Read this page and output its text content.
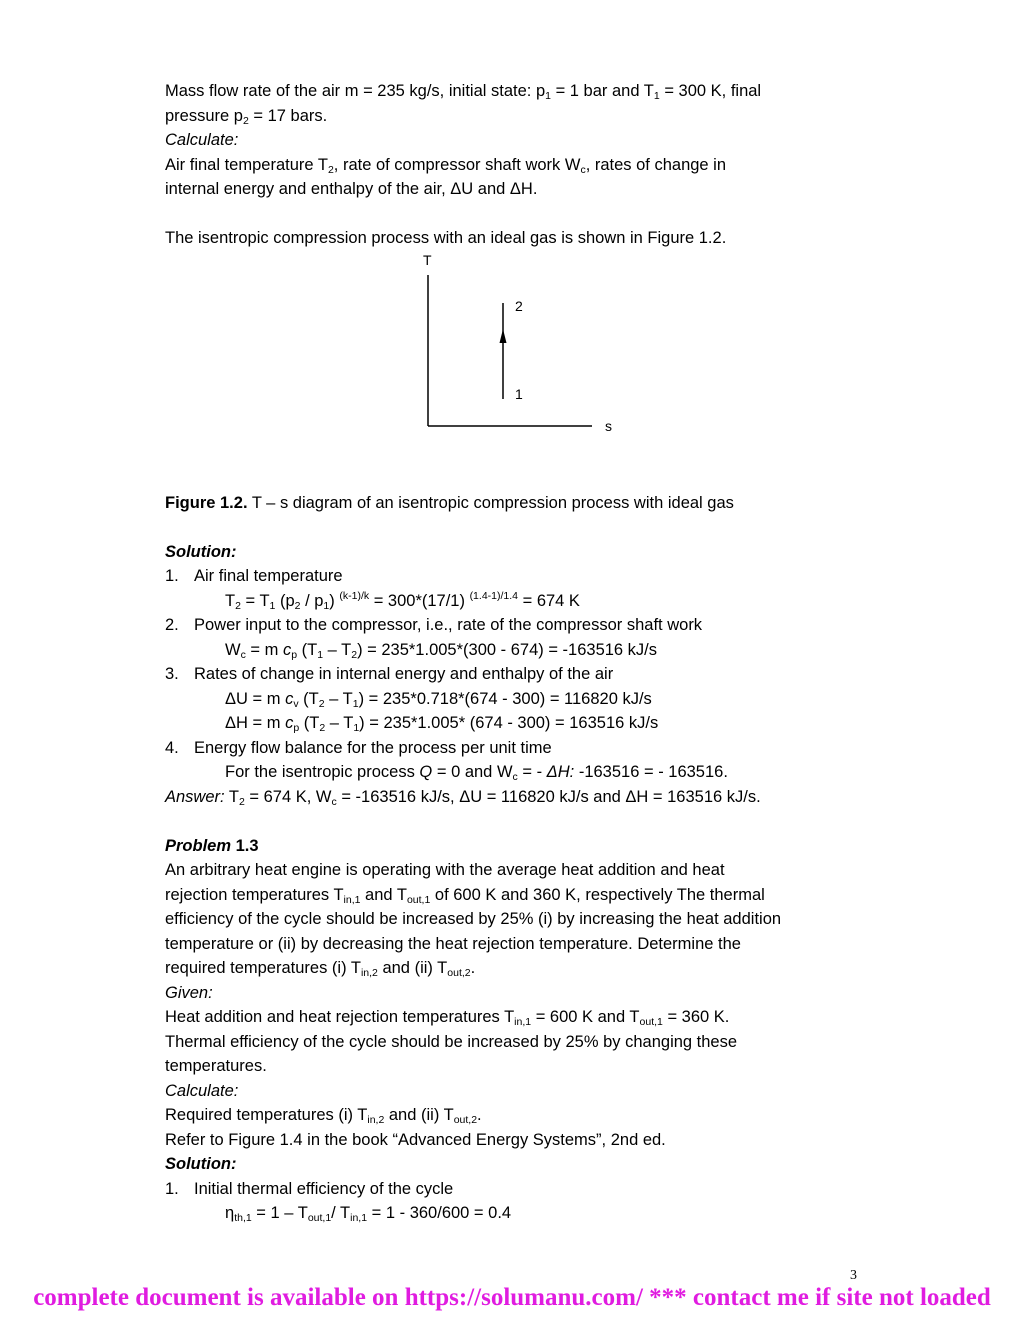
Mass flow rate of the air m = 235 kg/s, initial state: $p_1 = 1$ bar and $T_1 = 300$ K, final
pressure $p_2 = 17$ bars.
Calculate:
Air final temperature $T_2$, rate of compressor shaft work $W_c$, rates of change in
internal energy and enthalpy of the air, ΔU and ΔH.
The isentropic compression process with an ideal gas is shown in Figure 1.2.
T
s
2
1
Figure 1.2. T – s diagram of an isentropic compression process with ideal gas
Solution:
1. Air final temperature
$T_2 = T_1$ $(p_2 / p_1) ^{(k-1)/k} = 300*(17/1) ^{(1.4-1)/1.4} = 674$ K
2. Power input to the compressor, i.e., rate of the compressor shaft work
$W_c = m$ $c_p$ $(T_1 - T_2) = 235*1.005*(300 - 674) = -163516$ kJ/s
3. Rates of change in internal energy and enthalpy of the air
ΔU = m $c_v$ $(T_2 - T_1) = 235*0.718*(674 - 300) = 116820$ kJ/s
ΔH = m $c_p$ $(T_2 - T_1) = 235*1.005*$ (674 - 300) = 163516 kJ/s
4. Energy flow balance for the process per unit time
For the isentropic process Q = 0 and $W_c$ = - ΔH: -163516 = - 163516.
Answer: $T_2 = 674$ K, $W_c = -163516$ kJ/s, ΔU = 116820 kJ/s and ΔH = 163516 kJ/s.
Problem 1.3
An arbitrary heat engine is operating with the average heat addition and heat
rejection temperatures $T_{in,1}$ and $T_{out,1}$ of 600 K and 360 K, respectively The thermal
efficiency of the cycle should be increased by 25% (i) by increasing the heat addition
temperature or (ii) by decreasing the heat rejection temperature. Determine the
required temperatures (i) $T_{in,2}$ and (ii) $T_{out,2}$.
Given:
Heat addition and heat rejection temperatures $T_{in,1} = 600$ K and $T_{out,1} = 360$ K.
Thermal efficiency of the cycle should be increased by 25% by changing these
temperatures.
Calculate:
Required temperatures (i) $T_{in,2}$ and (ii) $T_{out,2}$.
Refer to Figure 1.4 in the book “Advanced Energy Systems”, 2nd ed.
Solution:
1. Initial thermal efficiency of the cycle
$\eta_{th,1} = 1 - T_{out,1}/$ $T_{in,1} = 1 - 360/600 = 0.4$
3
complete document is available on https://solumanu.com/ *** contact me if site not loaded
